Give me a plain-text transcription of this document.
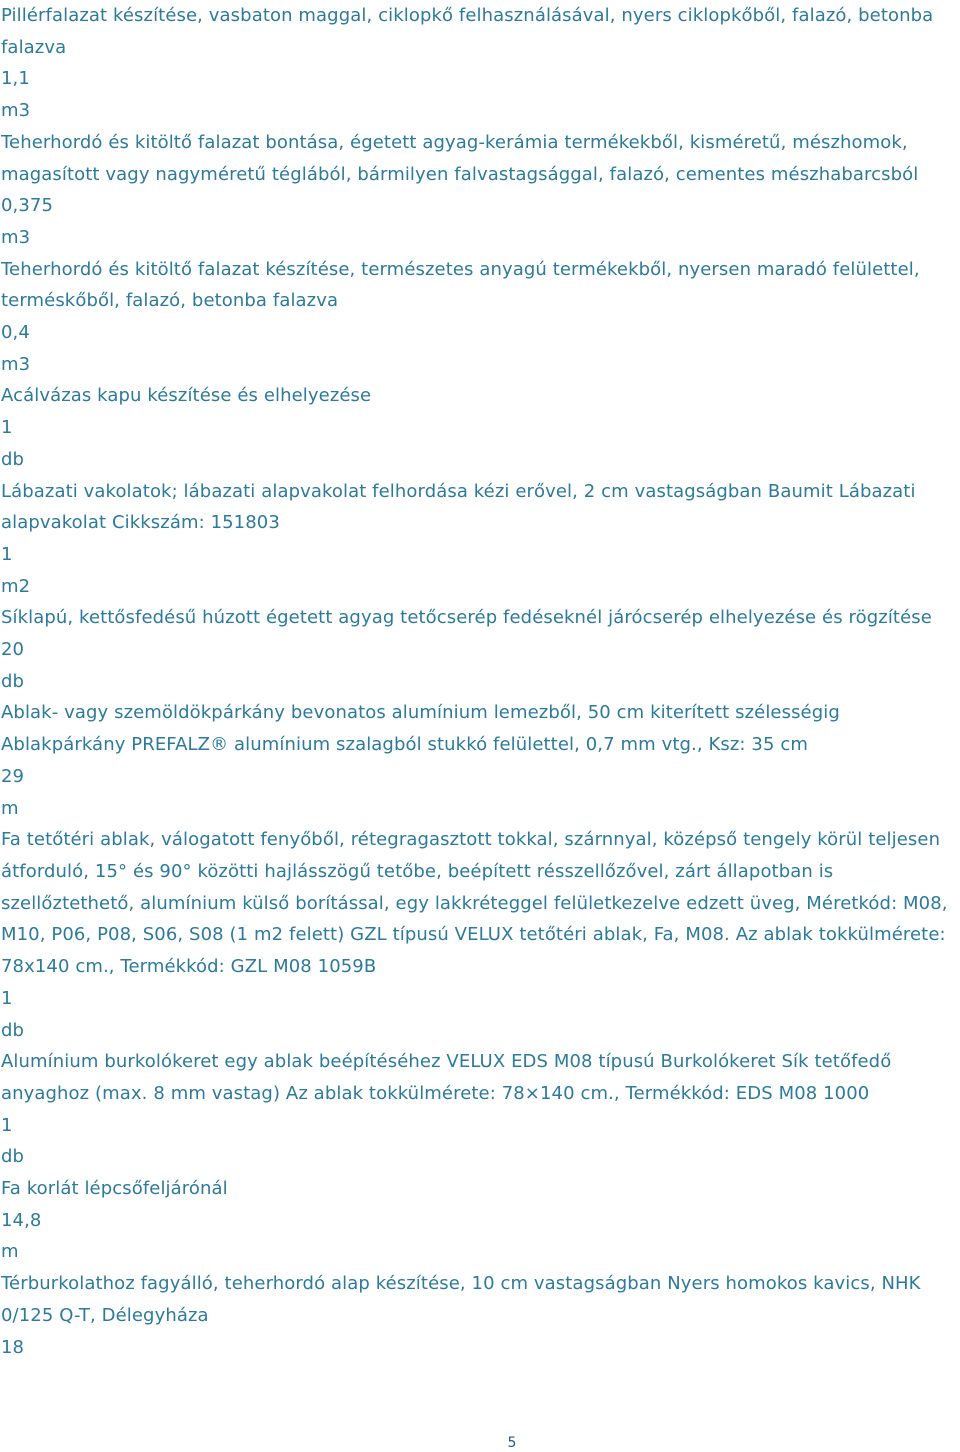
Pillérfalazat készítése, vasbaton maggal, ciklopkő felhasználásával, nyers ciklopkőből, falazó, betonba falazva
1,1
m3
Teherhordó és kitöltő falazat bontása, égetett agyag-kerámia termékekből, kisméretű, mészhomok, magasított vagy nagyméretű téglából, bármilyen falvastagsággal, falazó, cementes mészhabarcsból
0,375
m3
Teherhordó és kitöltő falazat készítése, természetes anyagú termékekből, nyersen maradó felülettel, terméskőből, falazó, betonba falazva
0,4
m3
Acálvázas kapu készítése és elhelyezése
1
db
Lábazati vakolatok; lábazati alapvakolat felhordása kézi erővel, 2 cm vastagságban Baumit Lábazati alapvakolat Cikkszám: 151803
1
m2
Síklapú, kettősfedésű húzott égetett agyag tetőcserép fedéseknél járócserép elhelyezése és rögzítése
20
db
Ablak- vagy szemöldökpárkány bevonatos alumínium lemezből, 50 cm kiterített szélességig Ablakpárkány PREFALZ® alumínium szalagból stukkó felülettel, 0,7 mm vtg., Ksz: 35 cm
29
m
Fa tetőtéri ablak, válogatott fenyőből, rétegragasztott tokkal, szárnnyal, középső tengely körül teljesen átforduló, 15° és 90° közötti hajlásszögű tetőbe, beépített résszellőzővel, zárt állapotban is szellőztethető, alumínium külső borítással, egy lakkréteggel felületkezelve edzett üveg, Méretkód: M08, M10, P06, P08, S06, S08 (1 m2 felett) GZL típusú VELUX tetőtéri ablak, Fa, M08. Az ablak tokkülmérete: 78x140 cm., Termékkód: GZL M08 1059B
1
db
Alumínium burkolókeret egy ablak beépítéséhez VELUX EDS M08 típusú Burkolókeret Sík tetőfedő anyaghoz (max. 8 mm vastag) Az ablak tokkülmérete: 78×140 cm., Termékkód: EDS M08 1000
1
db
Fa korlát lépcsőfeljárónál
14,8
m
Térburkolathoz fagyálló, teherhordó alap készítése, 10 cm vastagságban Nyers homokos kavics, NHK 0/125 Q-T, Délegyháza
18
5
